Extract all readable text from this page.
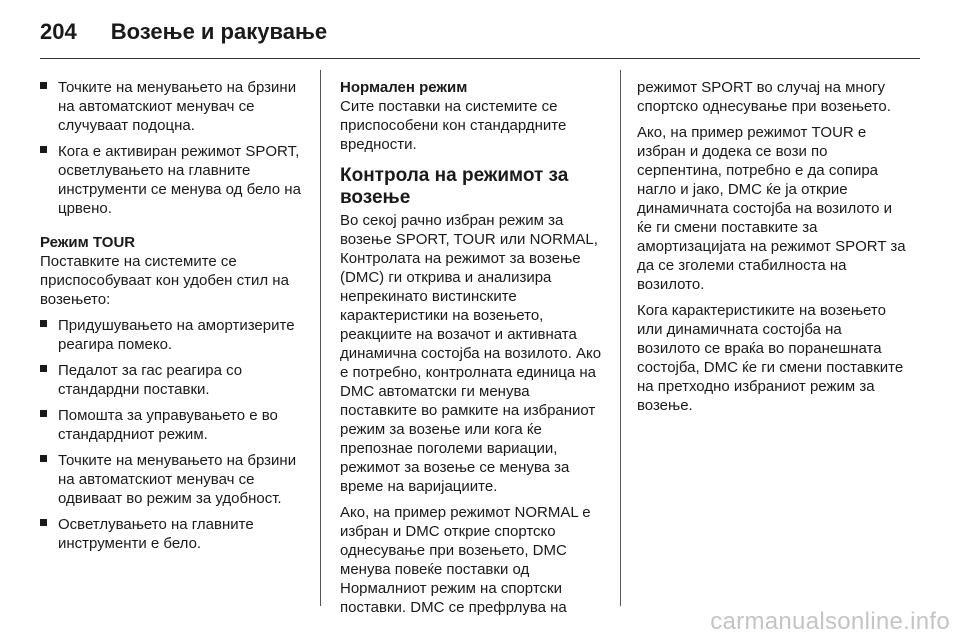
204 Возење и ракување
Точките на менувањето на брзини на автоматскиот менувач се случуваат подоцна.
Кога е активиран режимот SPORT, осветлувањето на главните инструменти се менува од бело на црвено.
Режим TOUR

Поставките на системите се приспособуваат кон удобен стил на возењето:

Придушувањето на амортизерите реагира помеко.
Педалот за гас реагира со стандардни поставки.
Помошта за управувањето е во стандардниот режим.
Точките на менувањето на брзини на автоматскиот менувач се одвиваат во режим за удобност.
Осветлувањето на главните инструменти е бело.
Нормален режим

Сите поставки на системите се приспособени кон стандардните вредности.

Контрола на режимот за возење

Во секој рачно избран режим за возење SPORT, TOUR или NORMAL, Контролата на режимот за возење (DMC) ги открива и анализира непрекинато вистинските карактеристики на возењето, реакциите на возачот и активната динамична состојба на возилото. Ако е потребно, контролната единица на DMC автоматски ги менува поставките во рамките на избраниот режим за возење или кога ќе препознае поголеми вариации, режимот за возење се менува за време на варијациите.

Ако, на пример режимот NORMAL е избран и DMC открие спортско однесување при возењето, DMC менува повеќе поставки од Нормалниот режим на спортски поставки. DMC се префрлува на

режимот SPORT во случај на многу спортско однесување при возењето.

Ако, на пример режимот TOUR е избран и додека се вози по серпентина, потребно е да сопира нагло и јако, DMC ќе ја открие динамичната состојба на возилото и ќе ги смени поставките за амортизацијата на режимот SPORT за да се зголеми стабилноста на возилото.

Кога карактеристиките на возењето или динамичната состојба на возилото се враќа во поранешната состојба, DMC ќе ги смени поставките на претходно избраниот режим за возење.

carmanualsonline.info
